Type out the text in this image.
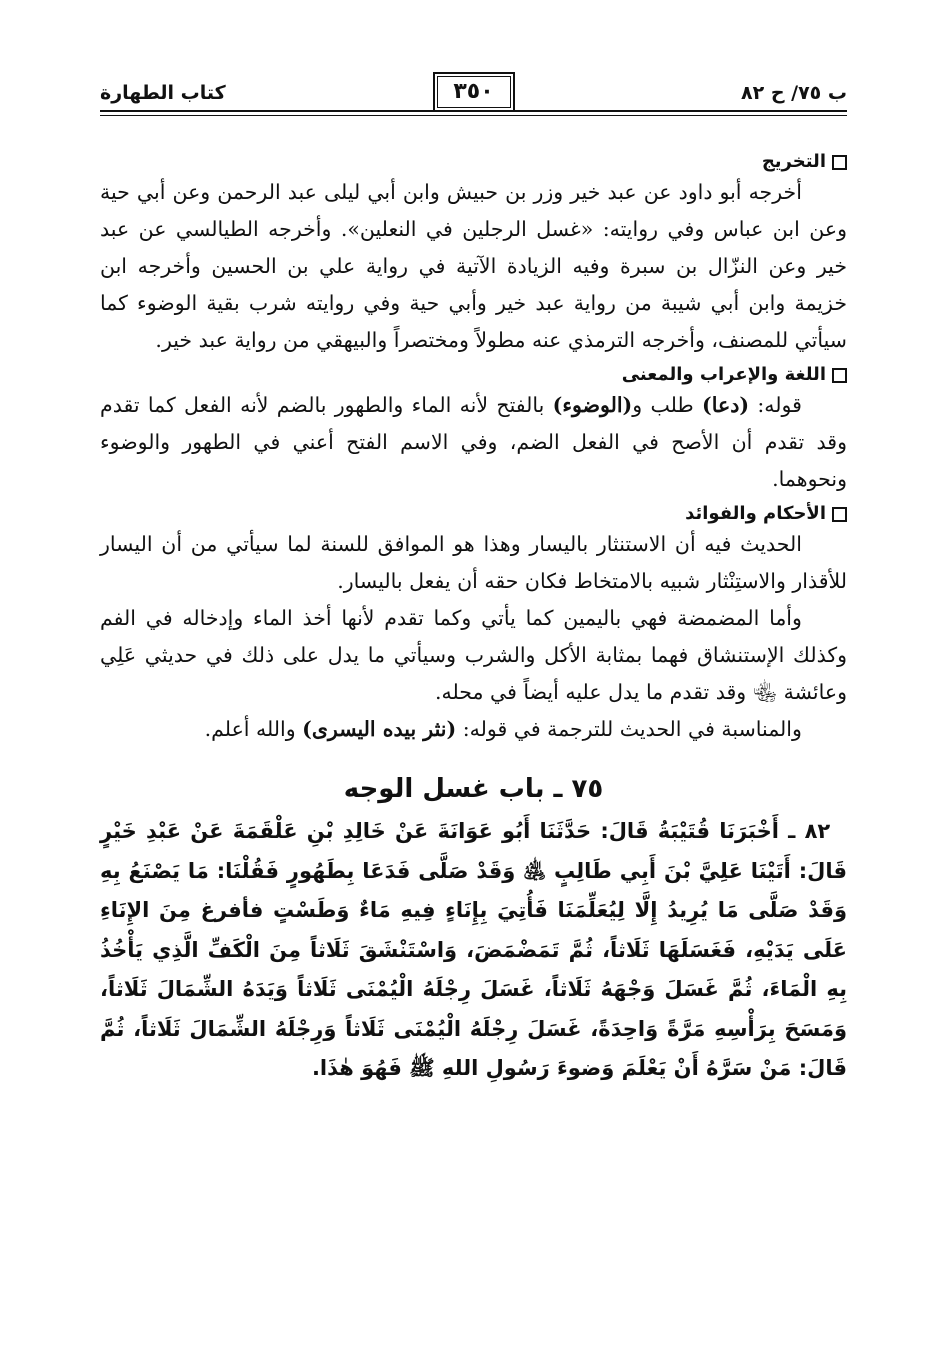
ب ٧٥/ ح ٨٢
٣٥٠
كتاب الطهارة
التخريج

أخرجه أبو داود عن عبد خير وزر بن حبيش وابن أبي ليلى عبد الرحمن وعن أبي حية وعن ابن عباس وفي روايته: «غسل الرجلين في النعلين». وأخرجه الطيالسي عن عبد خير وعن النزّال بن سبرة وفيه الزيادة الآتية في رواية علي بن الحسين وأخرجه ابن خزيمة وابن أبي شيبة من رواية عبد خير وأبي حية وفي روايته شرب بقية الوضوء كما سيأتي للمصنف، وأخرجه الترمذي عنه مطولاً ومختصراً والبيهقي من رواية عبد خير.

اللغة والإعراب والمعنى

قوله: (دعا) طلب و(الوضوء) بالفتح لأنه الماء والطهور بالضم لأنه الفعل كما تقدم وقد تقدم أن الأصح في الفعل الضم، وفي الاسم الفتح أعني في الطهور والوضوء ونحوهما.

الأحكام والفوائد

الحديث فيه أن الاستنثار باليسار وهذا هو الموافق للسنة لما سيأتي من أن اليسار للأقذار والاستِنْثار شبيه بالامتخاط فكان حقه أن يفعل باليسار.

وأما المضمضة فهي باليمين كما يأتي وكما تقدم لأنها أخذ الماء وإدخاله في الفم وكذلك الإستنشاق فهما بمثابة الأكل والشرب وسيأتي ما يدل على ذلك في حديثي عَلِي وعائشة ﵄ وقد تقدم ما يدل عليه أيضاً في محله.

والمناسبة في الحديث للترجمة في قوله: (نثر بيده اليسرى) والله أعلم.

٧٥ ـ باب غسل الوجه

٨٢ ـ أَخْبَرَنَا قُتَيْبَةُ قَالَ: حَدَّثَنَا أَبُو عَوَانَةَ عَنْ خَالِدِ بْنِ عَلْقَمَةَ عَنْ عَبْدِ خَيْرٍ قَالَ: أَتَيْنَا عَلِيَّ بْنَ أَبِي طَالِبٍ ﵁ وَقَدْ صَلَّى فَدَعَا بِطَهُورٍ فَقُلْنَا: مَا يَصْنَعُ بِهِ وَقَدْ صَلَّى مَا يُرِيدُ إِلَّا لِيُعَلِّمَنَا فَأُتِيَ بِإِنَاءٍ فِيهِ مَاءٌ وَطَسْتٍ فأفرغ مِنَ الإِنَاءِ عَلَى يَدَيْهِ، فَغَسَلَهَا ثَلَاثاً، ثُمَّ تَمَضْمَضَ، وَاسْتَنْشَقَ ثَلَاثاً مِنَ الْكَفِّ الَّذِي يَأْخُذُ بِهِ الْمَاءَ، ثُمَّ غَسَلَ وَجْهَهُ ثَلَاثاً، غَسَلَ رِجْلَهُ الْيُمْنَى ثَلَاثاً وَيَدَهُ الشِّمَالَ ثَلَاثاً، وَمَسَحَ بِرَأْسِهِ مَرَّةً وَاحِدَةً، غَسَلَ رِجْلَهُ الْيُمْنَى ثَلَاثاً وَرِجْلَهُ الشِّمَالَ ثَلَاثاً، ثُمَّ قَالَ: مَنْ سَرَّهُ أَنْ يَعْلَمَ وَضوءَ رَسُولِ اللهِ ﷺ فَهُوَ هٰذَا.
